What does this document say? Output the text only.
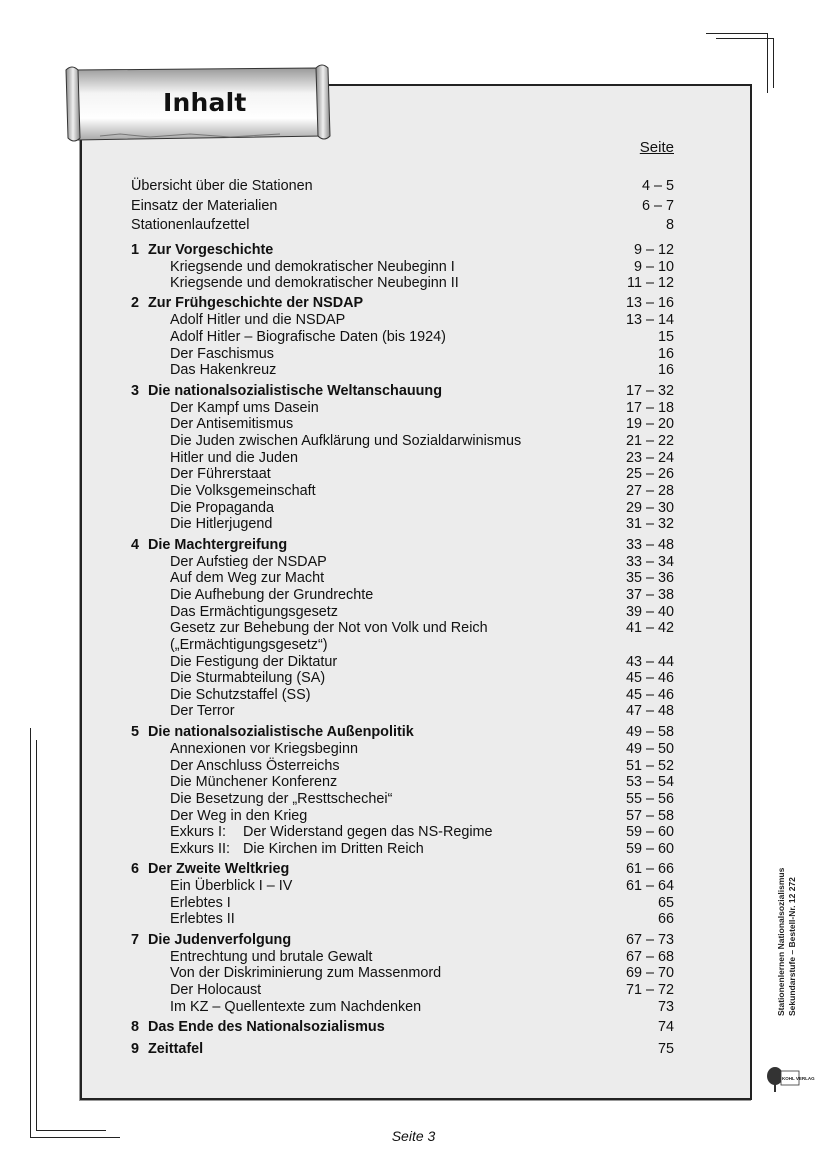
Inhalt
Seite
Übersicht über die Stationen	4 – 5
Einsatz der Materialien	6 – 7
Stationenlaufzettel	8
1 Zur Vorgeschichte	9 – 12
Kriegsende und demokratischer Neubeginn I	9 – 10
Kriegsende und demokratischer Neubeginn II	11 – 12
2 Zur Frühgeschichte der NSDAP	13 – 16
Adolf Hitler und die NSDAP	13 – 14
Adolf Hitler – Biografische Daten (bis 1924)	15
Der Faschismus	16
Das Hakenkreuz	16
3 Die nationalsozialistische Weltanschauung	17 – 32
Der Kampf ums Dasein	17 – 18
Der Antisemitismus	19 – 20
Die Juden zwischen Aufklärung und Sozialdarwinismus	21 – 22
Hitler und die Juden	23 – 24
Der Führerstaat	25 – 26
Die Volksgemeinschaft	27 – 28
Die Propaganda	29 – 30
Die Hitlerjugend	31 – 32
4 Die Machtergreifung	33 – 48
Der Aufstieg der NSDAP	33 – 34
Auf dem Weg zur Macht	35 – 36
Die Aufhebung der Grundrechte	37 – 38
Das Ermächtigungsgesetz	39 – 40
Gesetz zur Behebung der Not von Volk und Reich	41 – 42
(„Ermächtigungsgesetz“)
Die Festigung der Diktatur	43 – 44
Die Sturmabteilung (SA)	45 – 46
Die Schutzstaffel (SS)	45 – 46
Der Terror	47 – 48
5 Die nationalsozialistische Außenpolitik	49 – 58
Annexionen vor Kriegsbeginn	49 – 50
Der Anschluss Österreichs	51 – 52
Die Münchener Konferenz	53 – 54
Die Besetzung der „Resttschechei“	55 – 56
Der Weg in den Krieg	57 – 58
Exkurs I: Der Widerstand gegen das NS-Regime	59 – 60
Exkurs II: Die Kirchen im Dritten Reich	59 – 60
6 Der Zweite Weltkrieg	61 – 66
Ein Überblick I – IV	61 – 64
Erlebtes I	65
Erlebtes II	66
7 Die Judenverfolgung	67 – 73
Entrechtung und brutale Gewalt	67 – 68
Von der Diskriminierung zum Massenmord	69 – 70
Der Holocaust	71 – 72
Im KZ – Quellentexte zum Nachdenken	73
8 Das Ende des Nationalsozialismus	74
9 Zeittafel	75
Seite 3
Stationenlernen Nationalsozialismus Sekundarstufe – Bestell-Nr. 12 272
KOHL VERLAG
